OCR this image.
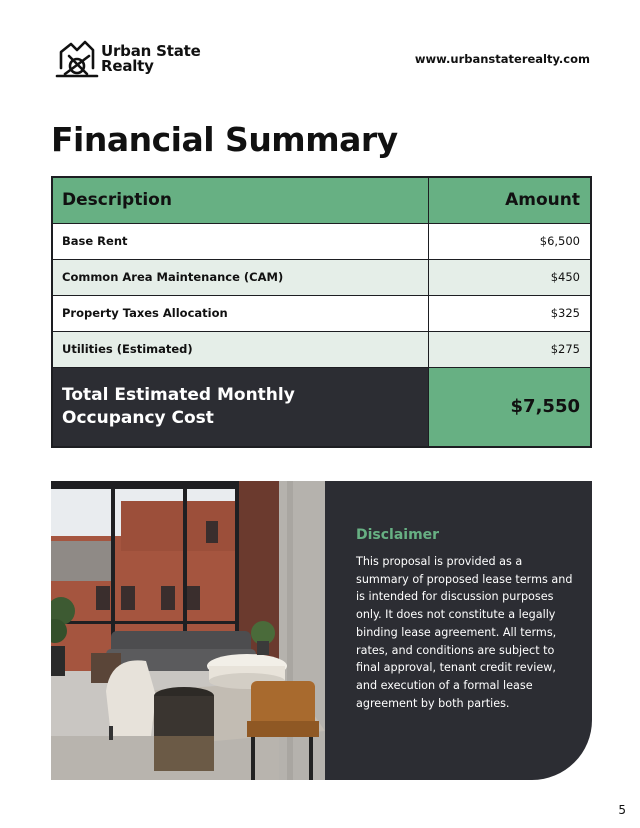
Urban State
Realty	www.urbanstaterealty.com
Financial Summary
Description	Amount
Base Rent	$6,500
Common Area Maintenance (CAM)	$450
Property Taxes Allocation	$325
Utilities (Estimated)	$275

Total Estimated Monthly
Occupancy Cost	$7,550
Disclaimer

This proposal is provided as a summary of proposed lease terms and is intended for discussion purposes only. It does not constitute a legally binding lease agreement. All terms, rates, and conditions are subject to final approval, tenant credit review, and execution of a formal lease agreement by both parties.

5
